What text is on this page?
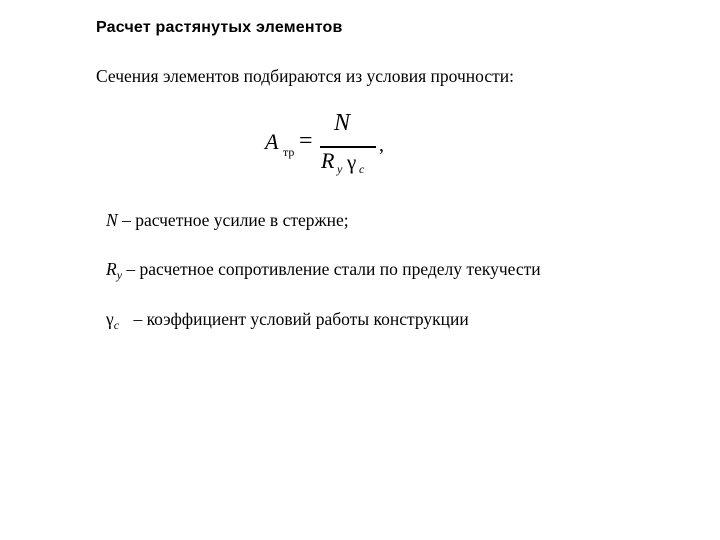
Расчет растянутых элементов
Сечения элементов подбираются из условия прочности:
A тр =
N
R y γ c
,
N – расчетное усилие в стержне;
$R_y$ – расчетное сопротивление стали по пределу текучести
$\gamma_c$ – коэффициент условий работы конструкции
